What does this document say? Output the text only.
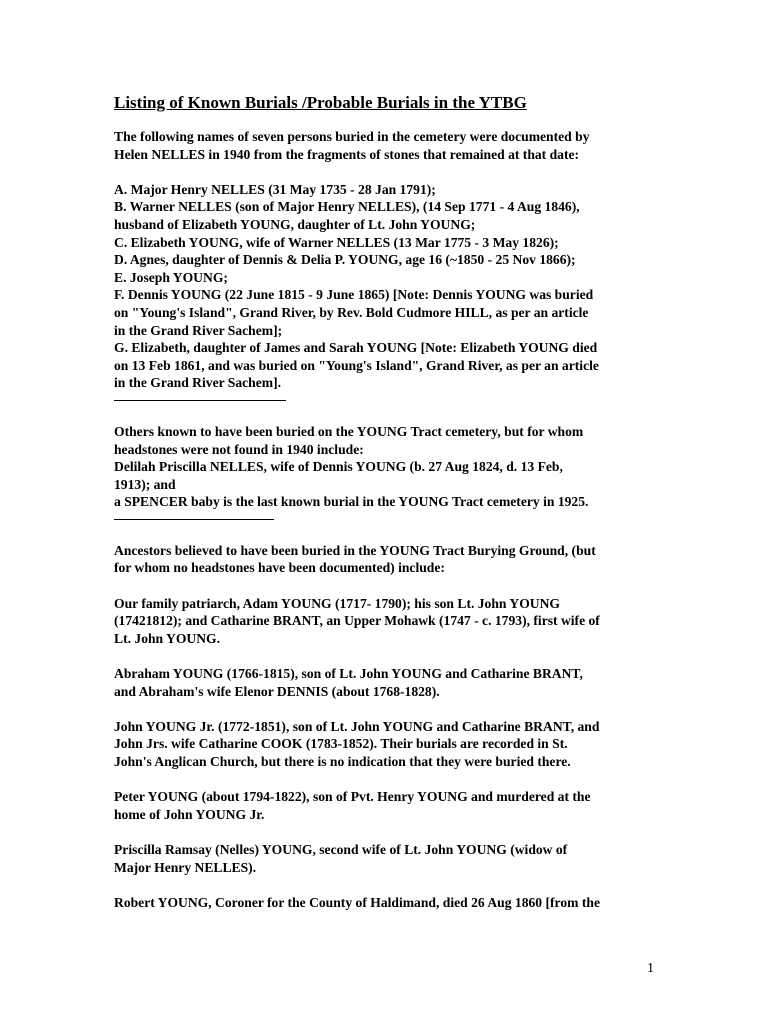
Listing of Known Burials /Probable Burials in the YTBG
The following names of seven persons buried in the cemetery were documented by
Helen NELLES in 1940 from the fragments of stones that remained at that date:
A. Major Henry NELLES (31 May 1735 - 28 Jan 1791);
B. Warner NELLES (son of Major Henry NELLES), (14 Sep 1771 - 4 Aug 1846),
husband of Elizabeth YOUNG, daughter of Lt. John YOUNG;
C. Elizabeth YOUNG, wife of Warner NELLES (13 Mar 1775 - 3 May 1826);
D. Agnes, daughter of Dennis & Delia P. YOUNG, age 16 (~1850 - 25 Nov 1866);
E. Joseph YOUNG;
F. Dennis YOUNG (22 June 1815 - 9 June 1865) [Note: Dennis YOUNG was buried
on "Young's Island", Grand River, by Rev. Bold Cudmore HILL, as per an article
in the Grand River Sachem];
G. Elizabeth, daughter of James and Sarah YOUNG [Note: Elizabeth YOUNG died
on 13 Feb 1861, and was buried on "Young's Island", Grand River, as per an article
in the Grand River Sachem].
Others known to have been buried on the YOUNG Tract cemetery, but for whom
headstones were not found in 1940 include:
Delilah Priscilla NELLES, wife of Dennis YOUNG (b. 27 Aug 1824, d. 13 Feb,
1913); and
a SPENCER baby is the last known burial in the YOUNG Tract cemetery in 1925.
Ancestors believed to have been buried in the YOUNG Tract Burying Ground, (but
for whom no headstones have been documented) include:
Our family patriarch, Adam YOUNG (1717- 1790); his son Lt. John YOUNG
(17421812); and Catharine BRANT, an Upper Mohawk (1747 - c. 1793), first wife of
Lt. John YOUNG.
Abraham YOUNG (1766-1815), son of Lt. John YOUNG and Catharine BRANT,
and Abraham's wife Elenor DENNIS (about 1768-1828).
John YOUNG Jr. (1772-1851), son of Lt. John YOUNG and Catharine BRANT, and
John Jrs. wife Catharine COOK (1783-1852). Their burials are recorded in St.
John's Anglican Church, but there is no indication that they were buried there.
Peter YOUNG (about 1794-1822), son of Pvt. Henry YOUNG and murdered at the
home of John YOUNG Jr.
Priscilla Ramsay (Nelles) YOUNG, second wife of Lt. John YOUNG (widow of
Major Henry NELLES).
Robert YOUNG, Coroner for the County of Haldimand, died 26 Aug 1860 [from the
1
